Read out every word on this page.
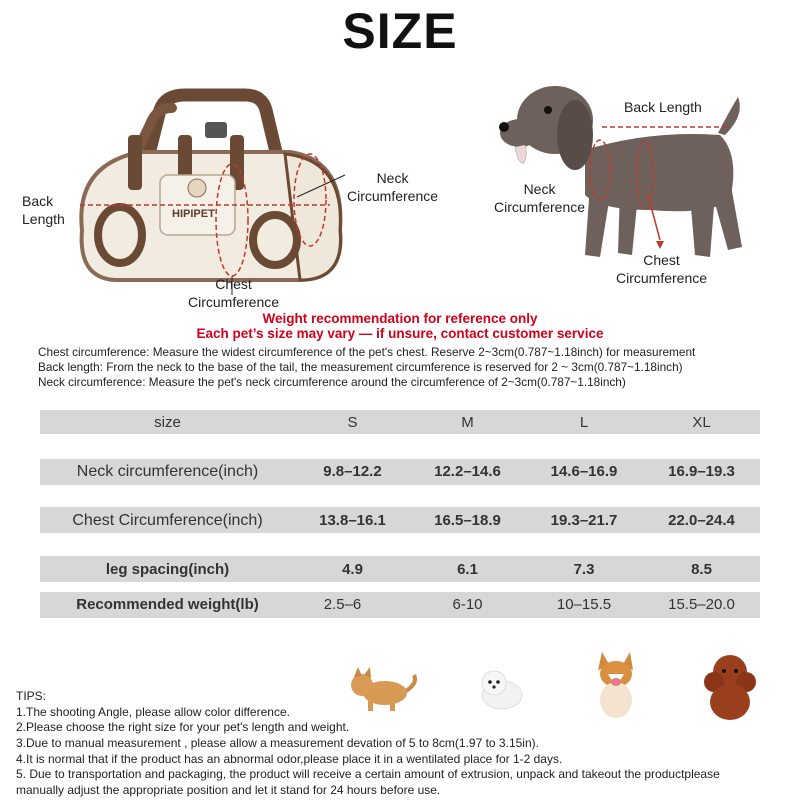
SIZE
HIPIPET
Back
Length
Neck
Circumference
Chest
Circumference
Back Length
Neck
Circumference
Chest
Circumference
Weight recommendation for reference only
Each pet’s size may vary — if unsure, contact customer service
Chest circumference: Measure the widest circumference of the pet's chest. Reserve 2~3cm(0.787~1.18inch) for measurement
Back length: From the neck to the base of the tail, the measurement circumference is reserved for 2 ~ 3cm(0.787~1.18inch)
Neck circumference: Measure the pet's neck circumference around the circumference of 2~3cm(0.787~1.18inch)
size	S	M	L	XL
Neck circumference(inch)	9.8–12.2	12.2–14.6	14.6–16.9	16.9–19.3
Chest Circumference(inch)	13.8–16.1	16.5–18.9	19.3–21.7	22.0–24.4
leg spacing(inch)	4.9	6.1	7.3	8.5
Recommended weight(lb)	2.5–6	6-10	10–15.5	15.5–20.0
TIPS:
1.The shooting Angle, please allow color difference.
2.Please choose the right size for your pet's length and weight.
3.Due to manual measurement , please allow a measurement devation of 5 to 8cm(1.97 to 3.15in).
4.It is normal that if the product has an abnormal odor,please place it in a wentilated place for 1-2 days.
5. Due to transportation and packaging, the product will receive a certain amount of extrusion, unpack and takeout the productplease
manually adjust the appropriate position and let it stand for 24 hours before use.
